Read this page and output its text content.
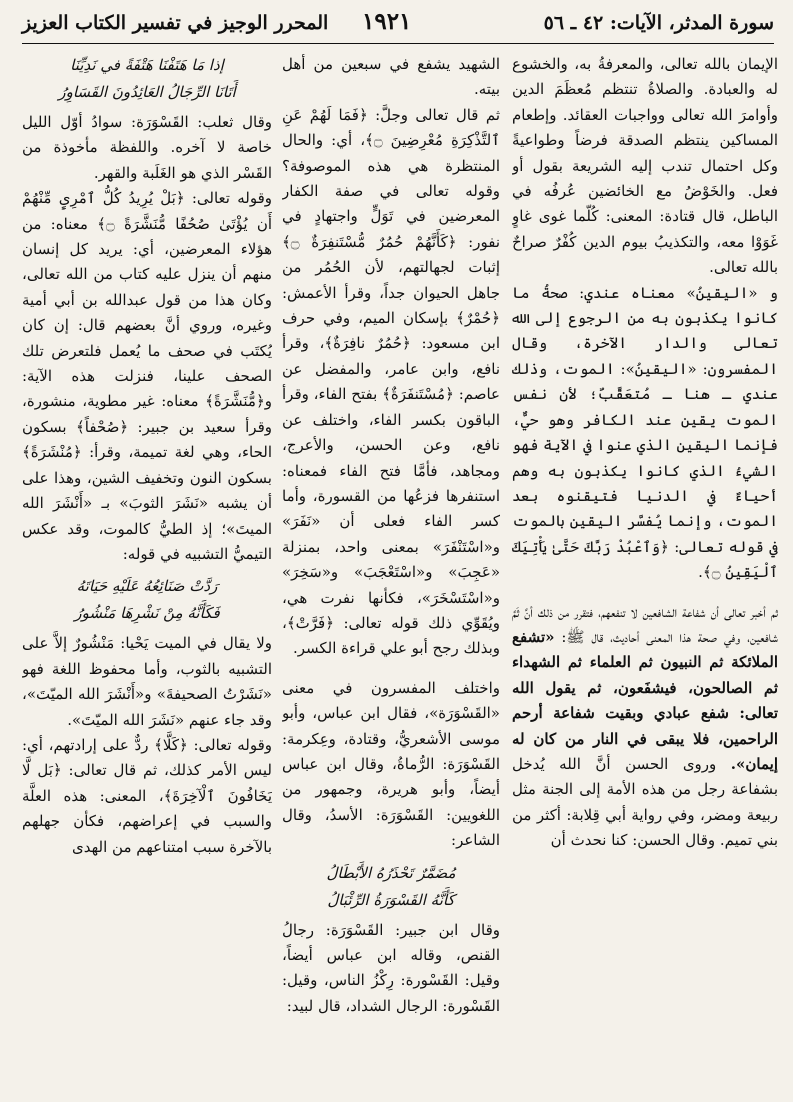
سورة المدثر، الآيات: ٤٢ ـ ٥٦
١٩٢١
المحرر الوجيز في تفسير الكتاب العزيز

الإيمان بالله تعالى، والمعرفةُ به، والخشوع له والعبادة. والصلاةُ تنتظم مُعظَمَ الدين وأوامرَ الله تعالى وواجبات العقائد. وإطعام المساكين ينتظم الصدقة فرضاً وطواعيةً وكل احتمال تندب إليه الشريعة بقول أو فعل. والخَوْضُ مع الخائضين عُرفُه في الباطل، قال قتادة: المعنى: كُلّما غوى غاوٍ غَوَوْا معه، والتكذيبُ بيوم الدين كُفْرٌ صراحٌ بالله تعالى.

و «اليقينُ» معناه عندي: صحةُ ما كانوا يكذبون به من الرجوع إلى الله تعالى والدار الآخرة، وقال المفسرون: «اليقينُ»: الموت، وذلك عندي ـ هنا ـ مُتعَقَّبٌ؛ لأن نفس الموت يقين عند الكافر وهو حيٌّ، فإنما اليقين الذي عنوا في الآية فهو الشيءُ الذي كانوا يكذبون به وهم أحياءٌ في الدنيا فتيقنوه بعد الموت، وإنما يُفسَّر اليقين بالموت في قوله تعالى: ﴿وَٱعْبُدْ رَبَّكَ حَتَّىٰ يَأْتِيَكَ ٱلْيَقِينُ ۝﴾.

ثم أخبر تعالى أن شفاعة الشافعين لا تنفعهم، فتقرر من ذلك أنَّ ثَمَّ شافعين، وفي صحة هذا المعنى أحاديث، قال ﷺ: «تشفع الملائكة ثم النبيون ثم العلماء ثم الشهداء ثم الصالحون، فيشفَعون، ثم يقول الله تعالى: شفع عبادي وبقيت شفاعة أرحم الراحمين، فلا يبقى في النار من كان له إيمان». وروى الحسن أنَّ الله يُدخل بشفاعة رجل من هذه الأمة إلى الجنة مثل ربيعة ومضر، وفي رواية أبي قِلابة: أكثر من بني تميم. وقال الحسن: كنا نحدث أن

الشهيد يشفع في سبعين من أهل بيته.

ثم قال تعالى وجلَّ: ﴿فَمَا لَهُمْ عَنِ ٱلتَّذْكِرَةِ مُعْرِضِينَ ۝﴾، أي: والحال المنتظرة هي هذه الموصوفة؟ وقوله تعالى في صفة الكفار المعرضين في تَوَلٍّ واجتهادٍ في نفور: ﴿كَأَنَّهُمْ حُمُرٌ مُّسْتَنفِرَةٌ ۝﴾ إثبات لجهالتهم، لأن الحُمُر من جاهل الحيوان جداً، وقرأ الأعمش: ﴿حُمْرٌ﴾ بإسكان الميم، وفي حرف ابن مسعود: ﴿حُمُرٌ نافِرَةٌ﴾، وقرأ نافع، وابن عامر، والمفضل عن عاصم: ﴿مُسْتَنفَرَةٌ﴾ بفتح الفاء، وقرأ الباقون بكسر الفاء، واختلف عن نافع، وعن الحسن، والأعرج، ومجاهد، فأمَّا فتح الفاء فمعناه: استنفرها فزعُها من القسورة، وأما كسر الفاء فعلى أن «نَفَرَ» و«اسْتَنْفَرَ» بمعنى واحد، بمنزلة «عَجِبَ» و«اسْتَعْجَبَ» و«سَخِرَ» و«اسْتَسْخَرَ»، فكأنها نفرت هي، ويُقَوِّي ذلك قوله تعالى: ﴿فَرَّتْ﴾، وبذلك رجح أبو علي قراءة الكسر.

واختلف المفسرون في معنى «القَسْوَرَة»، فقال ابن عباس، وأبو موسى الأشعريُّ، وقتادة، وعِكرمة: القَسْوَرَة: الرُّماةُ، وقال ابن عباس أيضاً، وأبو هريرة، وجمهور من اللغويين: القَسْوَرَة: الأسدُ، وقال الشاعر:

مُضَمَّرٌ تَحْذَرُهُ الأَبْطَالُ
كَأَنَّهُ القَسْوَرَةُ الرِّئْبَالُ

وقال ابن جبير: القَسْوَرَة: رجالُ القنص، وقاله ابن عباس أيضاً، وقيل: القَسْورة: رِكْزُ الناس، وقيل: القَسْورة: الرجال الشداد، قال لبيد:

إذا مَا هَتَفْنَا هَتْفَةً في نَدِيِّنَا
أَتَانَا الرِّجَالُ العَائِدُونَ القَسَاوِرُ

وقال ثعلب: القَسْوَرَة: سوادُ أوّل الليل خاصة لا آخره. واللفظة مأخوذة من القَسْر الذي هو الغَلَبة والقهر.

وقوله تعالى: ﴿بَلْ يُرِيدُ كُلُّ ٱمْرِىٍٕ مِّنْهُمْ أَن يُؤْتَىٰ صُحُفًا مُّنَشَّرَةً ۝﴾ معناه: من هؤلاء المعرضين، أي: يريد كل إنسان منهم أن ينزل عليه كتاب من الله تعالى، وكان هذا من قول عبدالله بن أبي أمية وغيره، وروي أنَّ بعضهم قال: إن كان يُكتَب في صحف ما يُعمل فلتعرض تلك الصحف علينا، فنزلت هذه الآية: و﴿مُّنَشَّرَةً﴾ معناه: غير مطوية، منشورة، وقرأ سعيد بن جبير: ﴿صُحْفاً﴾ بسكون الحاء، وهي لغة تميمة، وقرأ: ﴿مُنْشَرَةً﴾ بسكون النون وتخفيف الشين، وهذا على أن يشبه «نَشَرَ الثوبَ» بـ «أَنْشَرَ الله الميتَ»؛ إذ الطيُّ كالموت، وقد عكس التيميُّ التشبيه في قوله:

رَدَّتْ صَنَائِعُهُ عَلَيْهِ حَيَاتَهُ
فَكَأَنَّهُ مِنْ نَشْرِهَا مَنْشُورُ

ولا يقال في الميت يَحْيا: مَنْشُورٌ إلاَّ على التشبيه بالثوب، وأما محفوظ اللغة فهو «نَشَرْتُ الصحيفةَ» و«أَنْشَرَ الله الميّتَ»، وقد جاء عنهم «نَشَرَ الله الميّتَ».

وقوله تعالى: ﴿كَلَّا﴾ ردٌّ على إرادتهم، أي: ليس الأمر كذلك، ثم قال تعالى: ﴿بَل لَّا يَخَافُونَ ٱلْآخِرَةَ﴾، المعنى: هذه العلَّة والسبب في إعراضهم، فكأن جهلهم بالآخرة سبب امتناعهم من الهدى
